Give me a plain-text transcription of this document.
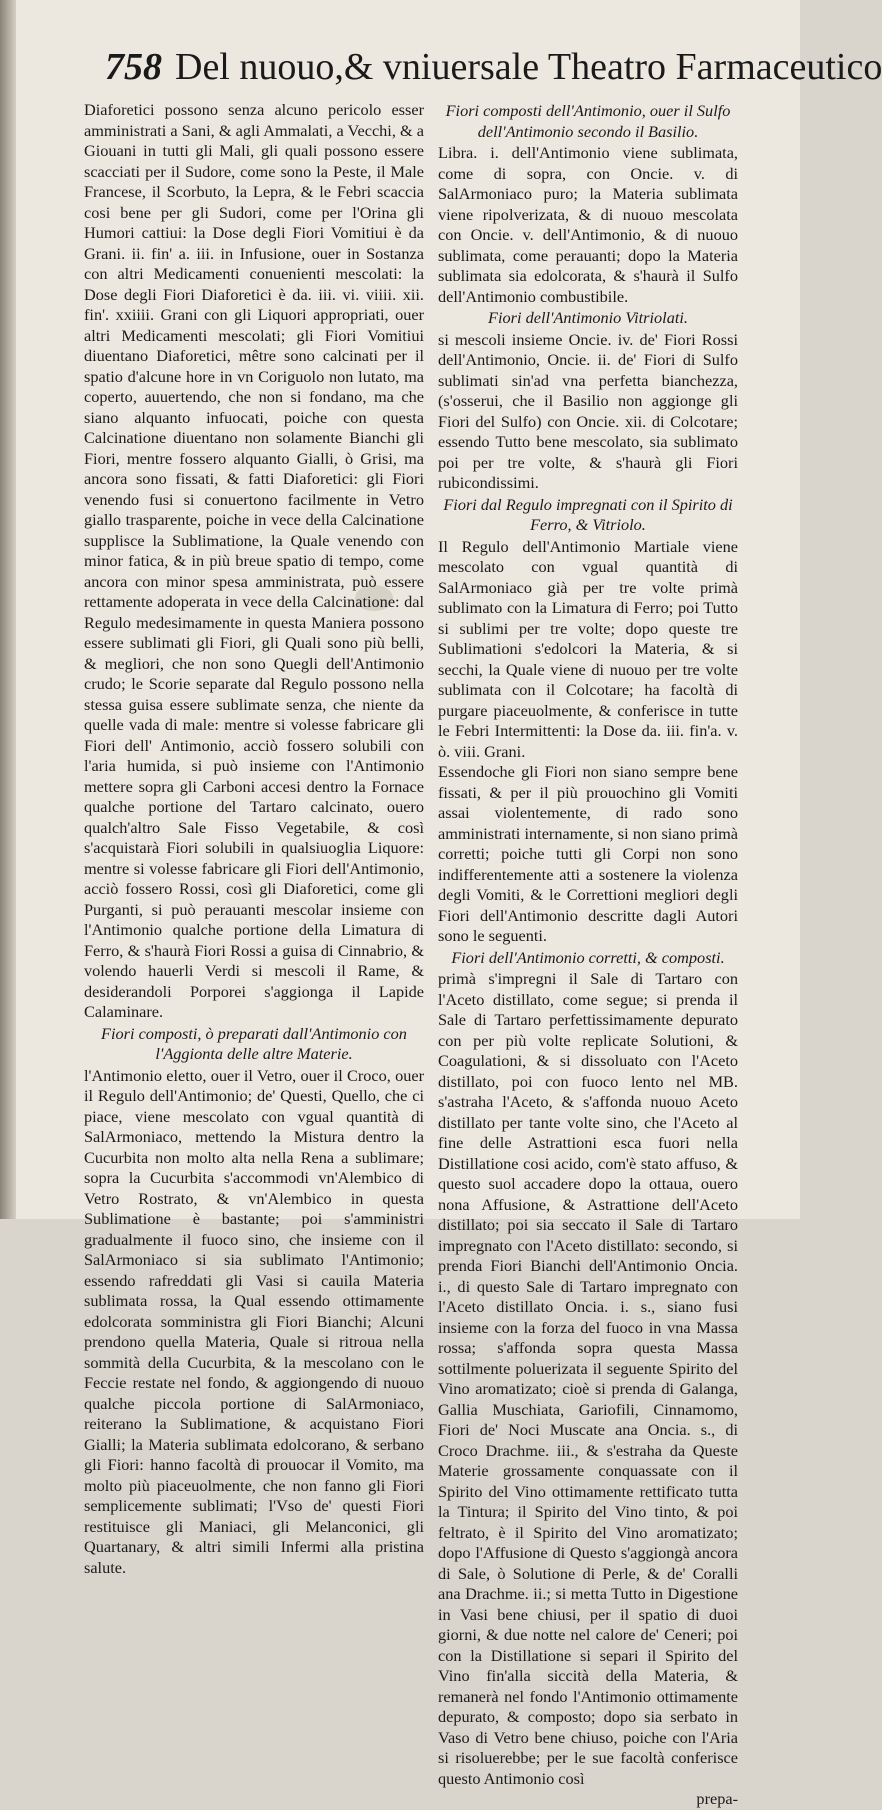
758 Del nuouo,& vniuersale Theatro Farmaceutico

Diaforetici possono senza alcuno pericolo esser amministrati a Sani, & agli Ammalati, a Vecchi, & a Giouani in tutti gli Mali, gli quali possono essere scacciati per il Sudore, come sono la Peste, il Male Francese, il Scorbuto, la Lepra, & le Febri scaccia cosi bene per gli Sudori, come per l'Orina gli Humori cattiui: la Dose degli Fiori Vomitiui è da Grani. ii. fin' a. iii. in Infusione, ouer in Sostanza con altri Medicamenti conuenienti mescolati: la Dose degli Fiori Diaforetici è da. iii. vi. viiii. xii. fin'. xxiiii. Grani con gli Liquori appropriati, ouer altri Medicamenti mescolati; gli Fiori Vomitiui diuentano Diaforetici, mêtre sono calcinati per il spatio d'alcune hore in vn Coriguolo non lutato, ma coperto, auuertendo, che non si fondano, ma che siano alquanto infuocati, poiche con questa Calcinatione diuentano non solamente Bianchi gli Fiori, mentre fossero alquanto Gialli, ò Grisi, ma ancora sono fissati, & fatti Diaforetici: gli Fiori venendo fusi si conuertono facilmente in Vetro giallo trasparente, poiche in vece della Calcinatione supplisce la Sublimatione, la Quale venendo con minor fatica, & in più breue spatio di tempo, come ancora con minor spesa amministrata, può essere rettamente adoperata in vece della Calcinatione: dal Regulo medesimamente in questa Maniera possono essere sublimati gli Fiori, gli Quali sono più belli, & megliori, che non sono Quegli dell'Antimonio crudo; le Scorie separate dal Regulo possono nella stessa guisa essere sublimate senza, che niente da quelle vada di male: mentre si volesse fabricare gli Fiori dell' Antimonio, acciò fossero solubili con l'aria humida, si può insieme con l'Antimonio mettere sopra gli Carboni accesi dentro la Fornace qualche portione del Tartaro calcinato, ouero qualch'altro Sale Fisso Vegetabile, & così s'acquistarà Fiori solubili in qualsiuoglia Liquore: mentre si volesse fabricare gli Fiori dell'Antimonio, acciò fossero Rossi, così gli Diaforetici, come gli Purganti, si può perauanti mescolar insieme con l'Antimonio qualche portione della Limatura di Ferro, & s'haurà Fiori Rossi a guisa di Cinnabrio, & volendo hauerli Verdi si mescoli il Rame, & desiderandoli Porporei s'aggionga il Lapide Calaminare.

Fiori composti, ò preparati dall'Antimonio con l'Aggionta delle altre Materie.

l'Antimonio eletto, ouer il Vetro, ouer il Croco, ouer il Regulo dell'Antimonio; de' Questi, Quello, che ci piace, viene mescolato con vgual quantità di SalArmoniaco, mettendo la Mistura dentro la Cucurbita non molto alta nella Rena a sublimare; sopra la Cucurbita s'accommodi vn'Alembico di Vetro Rostrato, & vn'Alembico in questa Sublimatione è bastante; poi s'amministri gradualmente il fuoco sino, che insieme con il SalArmoniaco si sia sublimato l'Antimonio; essendo rafreddati gli Vasi si cauila Materia sublimata rossa, la Qual essendo ottimamente edolcorata somministra gli Fiori Bianchi; Alcuni prendono quella Materia, Quale si ritroua nella sommità della Cucurbita, & la mescolano con le Feccie restate nel fondo, & aggiongendo di nuouo qualche piccola portione di SalArmoniaco, reiterano la Sublimatione, & acquistano Fiori Gialli; la Materia sublimata edolcorano, & serbano gli Fiori: hanno facoltà di prouocar il Vomito, ma molto più piaceuolmente, che non fanno gli Fiori semplicemente sublimati; l'Vso de' questi Fiori restituisce gli Maniaci, gli Melanconici, gli Quartanary, & altri simili Infermi alla pristina salute.

Fiori composti dell'Antimonio, ouer il Sulfo dell'Antimonio secondo il Basilio.

Libra. i. dell'Antimonio viene sublimata, come di sopra, con Oncie. v. di SalArmoniaco puro; la Materia sublimata viene ripolverizata, & di nuouo mescolata con Oncie. v. dell'Antimonio, & di nuouo sublimata, come perauanti; dopo la Materia sublimata sia edolcorata, & s'haurà il Sulfo dell'Antimonio combustibile.

Fiori dell'Antimonio Vitriolati.

si mescoli insieme Oncie. iv. de' Fiori Rossi dell'Antimonio, Oncie. ii. de' Fiori di Sulfo sublimati sin'ad vna perfetta bianchezza, (s'osserui, che il Basilio non aggionge gli Fiori del Sulfo) con Oncie. xii. di Colcotare; essendo Tutto bene mescolato, sia sublimato poi per tre volte, & s'haurà gli Fiori rubicondissimi.

Fiori dal Regulo impregnati con il Spirito di Ferro, & Vitriolo.

Il Regulo dell'Antimonio Martiale viene mescolato con vgual quantità di SalArmoniaco già per tre volte primà sublimato con la Limatura di Ferro; poi Tutto si sublimi per tre volte; dopo queste tre Sublimationi s'edolcori la Materia, & si secchi, la Quale viene di nuouo per tre volte sublimata con il Colcotare; ha facoltà di purgare piaceuolmente, & conferisce in tutte le Febri Intermittenti: la Dose da. iii. fin'a. v. ò. viii. Grani.

Essendoche gli Fiori non siano sempre bene fissati, & per il più prouochino gli Vomiti assai violentemente, di rado sono amministrati internamente, si non siano primà corretti; poiche tutti gli Corpi non sono indifferentemente atti a sostenere la violenza degli Vomiti, & le Correttioni megliori degli Fiori dell'Antimonio descritte dagli Autori sono le seguenti.

Fiori dell'Antimonio corretti, & composti.

primà s'impregni il Sale di Tartaro con l'Aceto distillato, come segue; si prenda il Sale di Tartaro perfettissimamente depurato con per più volte replicate Solutioni, & Coagulationi, & si dissoluato con l'Aceto distillato, poi con fuoco lento nel MB. s'astraha l'Aceto, & s'affonda nuouo Aceto distillato per tante volte sino, che l'Aceto al fine delle Astrattioni esca fuori nella Distillatione cosi acido, com'è stato affuso, & questo suol accadere dopo la ottaua, ouero nona Affusione, & Astrattione dell'Aceto distillato; poi sia seccato il Sale di Tartaro impregnato con l'Aceto distillato: secondo, si prenda Fiori Bianchi dell'Antimonio Oncia. i., di questo Sale di Tartaro impregnato con l'Aceto distillato Oncia. i. s., siano fusi insieme con la forza del fuoco in vna Massa rossa; s'affonda sopra questa Massa sottilmente poluerizata il seguente Spirito del Vino aromatizato; cioè si prenda di Galanga, Gallia Muschiata, Gariofili, Cinnamomo, Fiori de' Noci Muscate ana Oncia. s., di Croco Drachme. iii., & s'estraha da Queste Materie grossamente conquassate con il Spirito del Vino ottimamente rettificato tutta la Tintura; il Spirito del Vino tinto, & poi feltrato, è il Spirito del Vino aromatizato; dopo l'Affusione di Questo s'aggiongà ancora di Sale, ò Solutione di Perle, & de' Coralli ana Drachme. ii.; si metta Tutto in Digestione in Vasi bene chiusi, per il spatio di duoi giorni, & due notte nel calore de' Ceneri; poi con la Distillatione si separi il Spirito del Vino fin'alla siccità della Materia, & remanerà nel fondo l'Antimonio ottimamente depurato, & composto; dopo sia serbato in Vaso di Vetro bene chiuso, poiche con l'Aria si risoluerebbe; per le sue facoltà conferisce questo Antimonio così

prepa-
